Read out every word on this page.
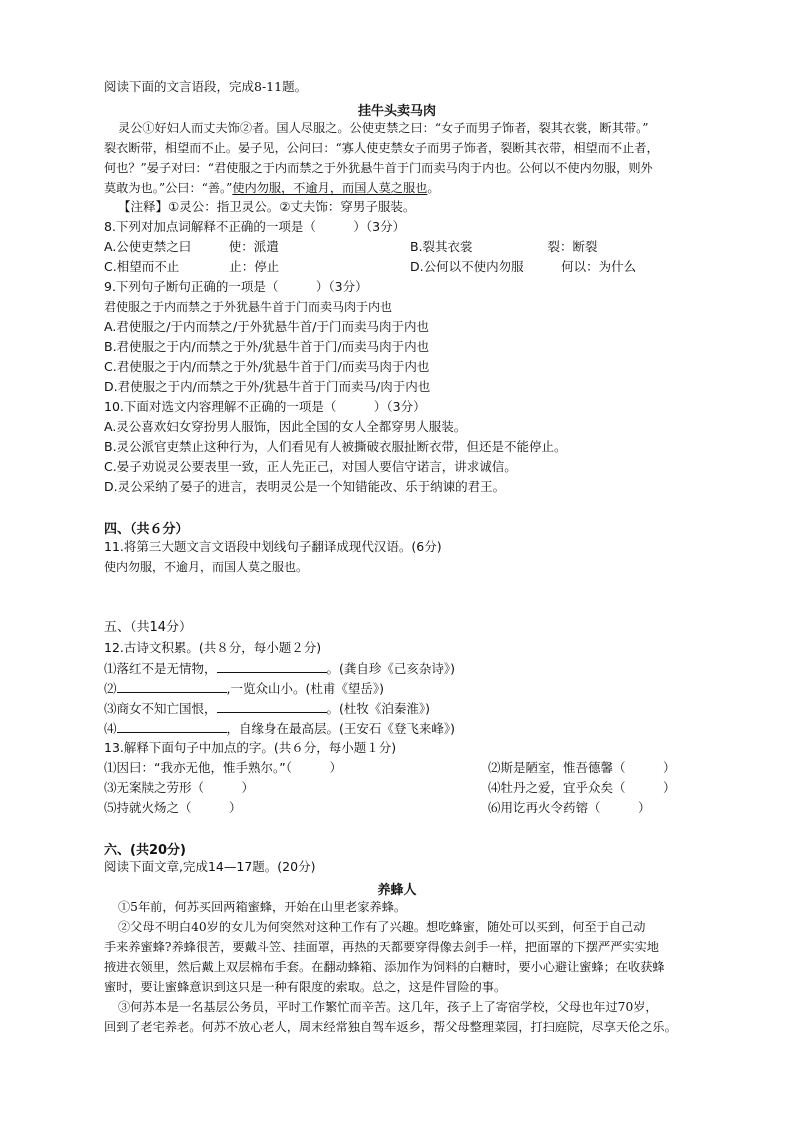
阅读下面的文言语段，完成8-11题。
挂牛头卖马肉
灵公①好妇人而丈夫饰②者。国人尽服之。公使吏禁之曰：“女子而男子饰者，裂其衣裳，断其带。”
裂衣断带，相望而不止。晏子见，公问曰：“寡人使吏禁女子而男子饰者，裂断其衣带，相望而不止者，
何也？”晏子对曰：“君使服之于内而禁之于外犹悬牛首于门而卖马肉于内也。公何以不使内勿服，则外
莫敢为也。”公曰：“善。”使内勿服，不逾月，而国人莫之服也。
【注释】①灵公：指卫灵公。②丈夫饰：穿男子服装。
8.下列对加点词解释不正确的一项是（　　　）（3分）
A.公使吏禁之曰　　　使：派遣	B.裂其衣裳　　　　　　裂：断裂
C.相望而不止　　　　止：停止	D.公何以不使内勿服　　　何以：为什么
9.下列句子断句正确的一项是（　　　）（3分）
君使服之于内而禁之于外犹悬牛首于门而卖马肉于内也
A.君使服之/于内而禁之/于外犹悬牛首/于门而卖马肉于内也
B.君使服之于内/而禁之于外/犹悬牛首于门/而卖马肉于内也
C.君使服之于内/而禁之于外/犹悬牛首于门/而卖马肉于内也
D.君使服之于内/而禁之于外/犹悬牛首于门而卖马/肉于内也
10.下面对选文内容理解不正确的一项是（　　　）（3分）
A.灵公喜欢妇女穿扮男人服饰，因此全国的女人全都穿男人服装。
B.灵公派官吏禁止这种行为，人们看见有人被撕破衣服扯断衣带，但还是不能停止。
C.晏子劝说灵公要表里一致，正人先正己，对国人要信守诺言，讲求诚信。
D.灵公采纳了晏子的进言，表明灵公是一个知错能改、乐于纳谏的君王。
四、（共６分）
11.将第三大题文言文语段中划线句子翻译成现代汉语。(6分)
使内勿服，不逾月，而国人莫之服也。
五、（共14分）
12.古诗文积累。(共８分，每小题２分)
⑴落红不是无情物，	。(龚自珍《己亥杂诗》)
⑵	,一览众山小。(杜甫《望岳》)
⑶商女不知亡国恨，	。(杜牧《泊秦淮》)
⑷	，自缘身在最高层。(王安石《登飞来峰》)
13.解释下面句子中加点的字。(共６分，每小题１分)
⑴因曰：“我亦无他，惟手熟尔。”（　　　）	⑵斯是陋室，惟吾德馨（　　　）
⑶无案牍之劳形（　　　）	⑷牡丹之爱，宜乎众矣（　　　）
⑸持就火炀之（　　　）	⑹用讫再火令药镕（　　　）
六、(共20分)
阅读下面文章,完成14—17题。(20分)
养蜂人
①5年前，何苏买回两箱蜜蜂，开始在山里老家养蜂。
②父母不明白40岁的女儿为何突然对这种工作有了兴趣。想吃蜂蜜，随处可以买到，何至于自己动
手来养蜜蜂?养蜂很苦，要戴斗笠、挂面罩，再热的天都要穿得像去剑手一样，把面罩的下摆严严实实地
掖进衣领里，然后戴上双层棉布手套。在翻动蜂箱、添加作为饲料的白糖时，要小心避让蜜蜂；在收获蜂
蜜时，要让蜜蜂意识到这只是一种有限度的索取。总之，这是件冒险的事。
③何苏本是一名基层公务员，平时工作繁忙而辛苦。这几年，孩子上了寄宿学校，父母也年过70岁，
回到了老宅养老。何苏不放心老人，周末经常独自驾车返乡，帮父母整理菜园，打扫庭院，尽享天伦之乐。
